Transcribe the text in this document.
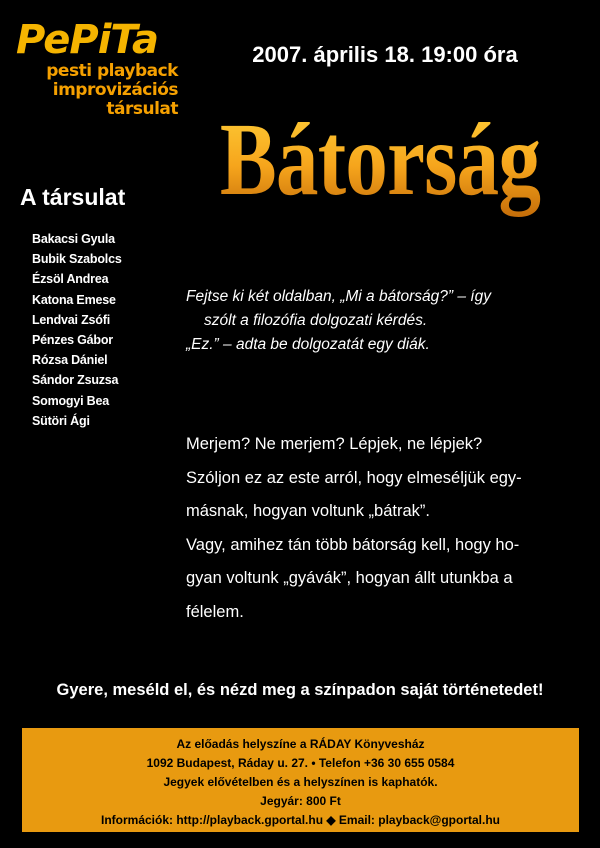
PePiTa
pesti playback
improvizációs
társulat
2007. április 18. 19:00 óra
Bátorság
A társulat
Bakacsi Gyula
Bubik Szabolcs
Ézsöl Andrea
Katona Emese
Lendvai Zsófi
Pénzes Gábor
Rózsa Dániel
Sándor Zsuzsa
Somogyi Bea
Sütöri Ági
Fejtse ki két oldalban, „Mi a bátorság?” – így
szólt a filozófia dolgozati kérdés.
„Ez.” – adta be dolgozatát egy diák.
Merjem? Ne merjem? Lépjek, ne lépjek?
Szóljon ez az este arról, hogy elmeséljük egy-
másnak, hogyan voltunk „bátrak”.
Vagy, amihez tán több bátorság kell, hogy ho-
gyan voltunk „gyávák”, hogyan állt utunkba a
félelem.
Gyere, meséld el, és nézd meg a színpadon saját történetedet!
Az előadás helyszíne a RÁDAY Könyvesház
1092 Budapest, Ráday u. 27. • Telefon +36 30 655 0584
Jegyek elővételben és a helyszínen is kaphatók.
Jegyár: 800 Ft
Információk: http://playback.gportal.hu ◆ Email: playback@gportal.hu
